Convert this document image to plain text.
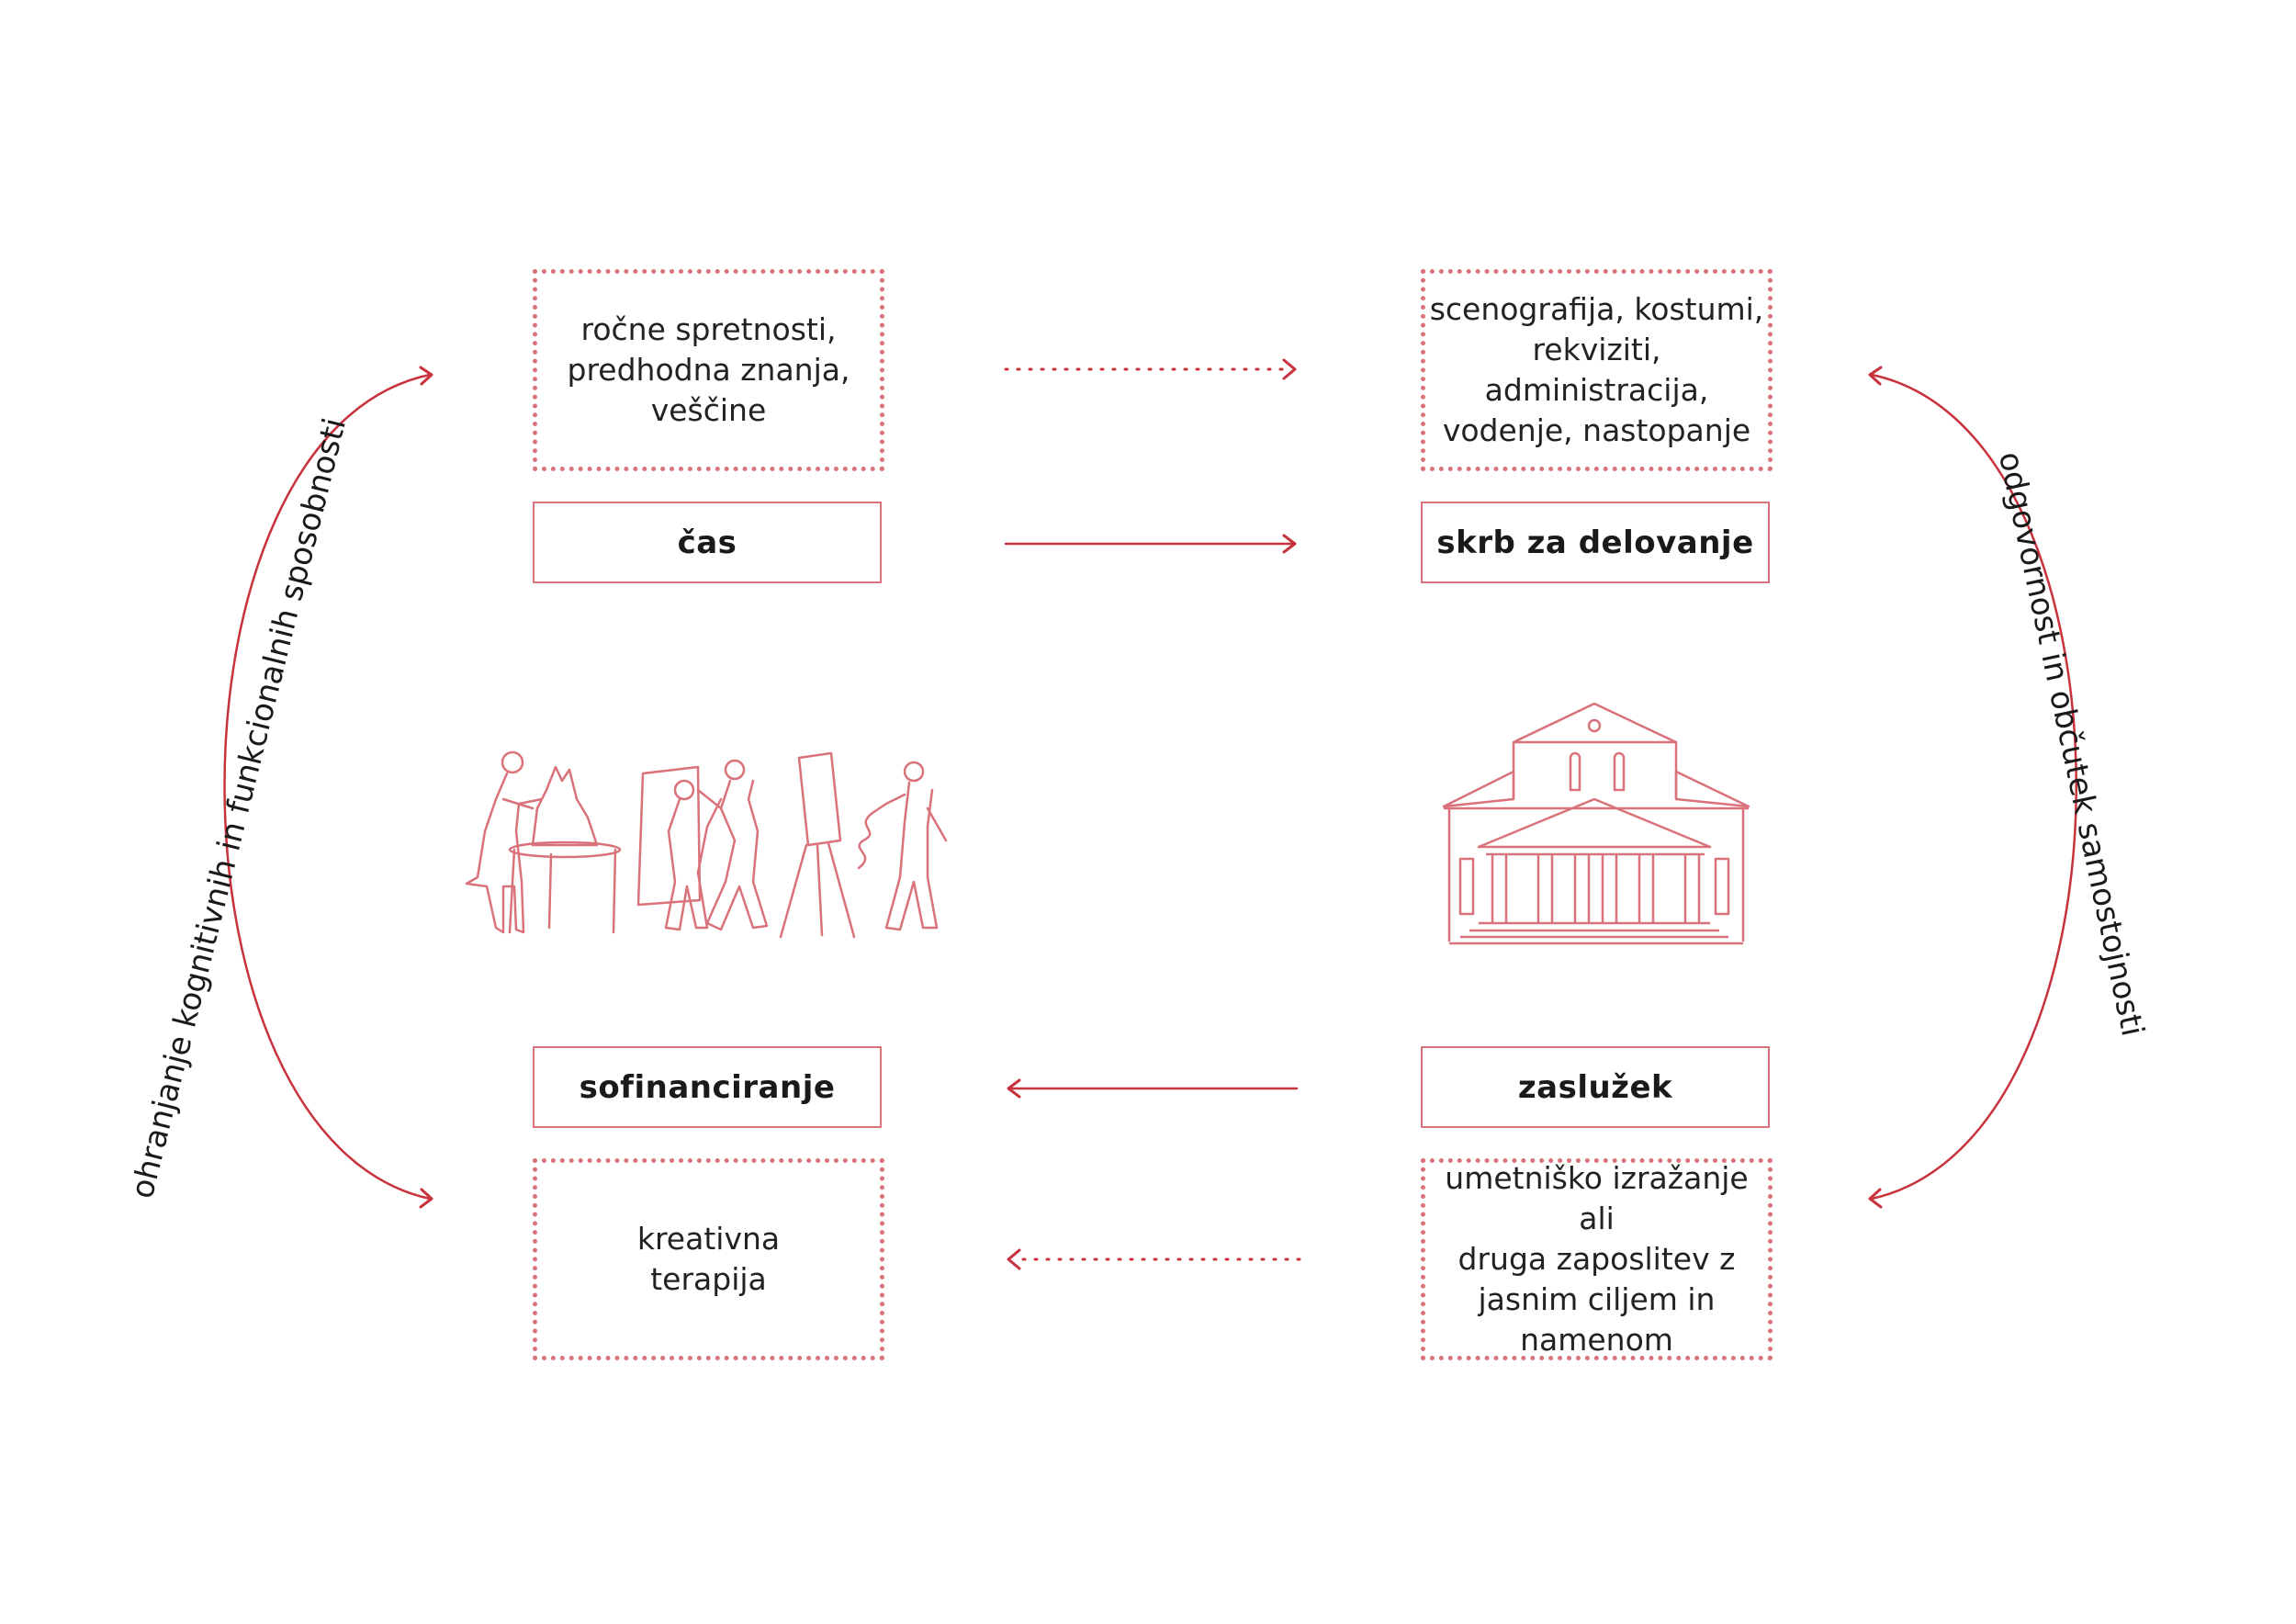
ročne spretnosti,
predhodna znanja,
veščine
scenografija, kostumi,
rekviziti, administracija,
vodenje, nastopanje
čas	skrb za delovanje
sofinanciranje	zaslužek
kreativna
terapija
umetniško izražanje ali
druga zaposlitev z
jasnim ciljem in
namenom
ohranjanje kognitivnih in funkcionalnih sposobnosti	odgovornost in občutek samostojnosti
